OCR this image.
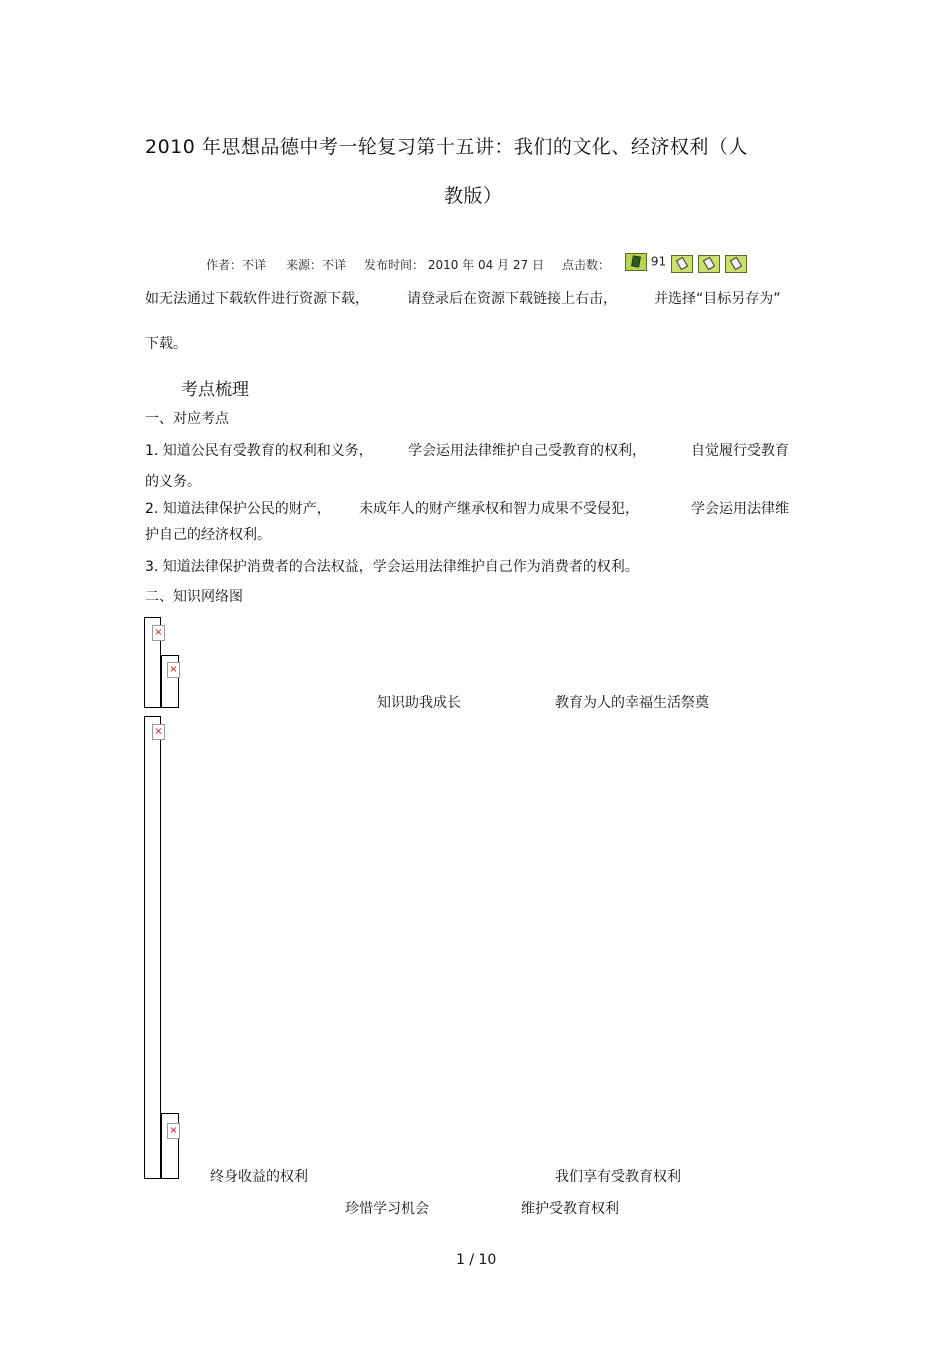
2010 年思想品德中考一轮复习第十五讲：我们的文化、经济权利（人
教版）
作者：不详 来源：不详 发布时间： 2010 年 04 月 27 日 点击数：	91

如无法通过下载软件进行资源下载，	请登录后在资源下载链接上右击，	并选择“目标另存为”
下载。
考点梳理
一、对应考点
1. 知道公民有受教育的权利和义务，	学会运用法律维护自己受教育的权利，	自觉履行受教育
的义务。
2. 知道法律保护公民的财产， 未成年人的财产继承权和智力成果不受侵犯，	学会运用法律维
护自己的经济权利。
3. 知道法律保护消费者的合法权益，学会运用法律维护自己作为消费者的权利。
二、知识网络图
×
×
×
×
知识助我成长	教育为人的幸福生活祭奠
终身收益的权利	我们享有受教育权利
珍惜学习机会	维护受教育权利
1 / 10
